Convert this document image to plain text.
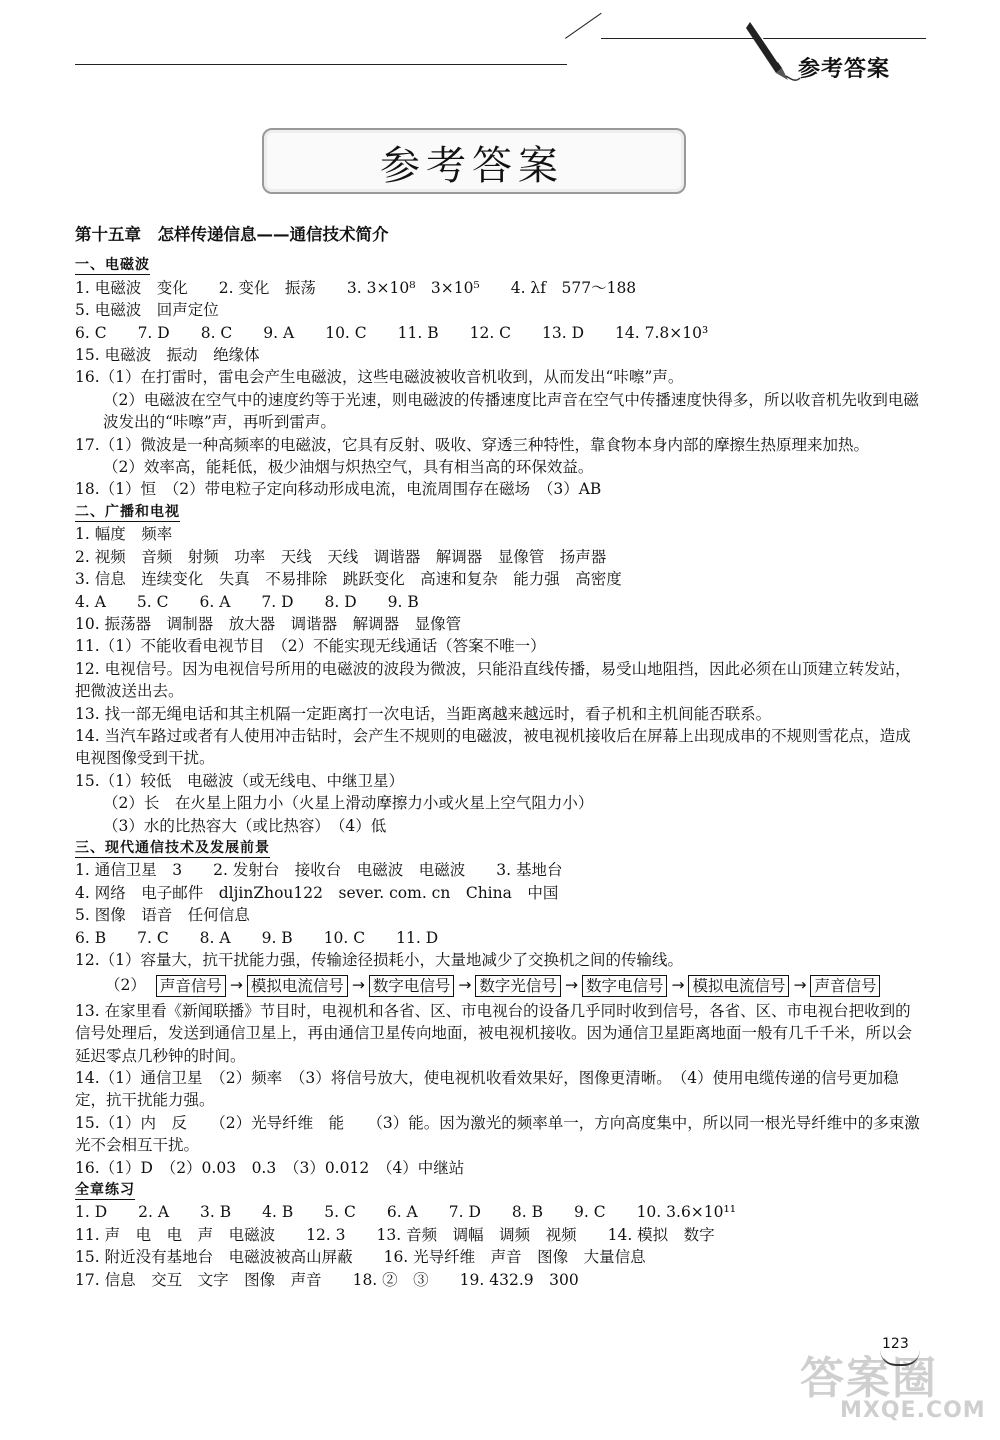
参考答案
参考答案
第十五章　怎样传递信息——通信技术简介
一、电磁波
1. 电磁波　变化　　2. 变化　振荡　　3. 3×10⁸　3×10⁵　　4. λf　577～188
5. 电磁波　回声定位
6. C　　7. D　　8. C　　9. A　　10. C　　11. B　　12. C　　13. D　　14. 7.8×10³
15. 电磁波　振动　绝缘体
16.（1）在打雷时，雷电会产生电磁波，这些电磁波被收音机收到，从而发出“咔嚓”声。
（2）电磁波在空气中的速度约等于光速，则电磁波的传播速度比声音在空气中传播速度快得多，所以收音机先收到电磁波发出的“咔嚓”声，再听到雷声。
17.（1）微波是一种高频率的电磁波，它具有反射、吸收、穿透三种特性，靠食物本身内部的摩擦生热原理来加热。
（2）效率高，能耗低，极少油烟与炽热空气，具有相当高的环保效益。
18.（1）恒　（2）带电粒子定向移动形成电流，电流周围存在磁场　（3）AB
二、广播和电视
1. 幅度　频率
2. 视频　音频　射频　功率　天线　天线　调谐器　解调器　显像管　扬声器
3. 信息　连续变化　失真　不易排除　跳跃变化　高速和复杂　能力强　高密度
4. A　　5. C　　6. A　　7. D　　8. D　　9. B
10. 振荡器　调制器　放大器　调谐器　解调器　显像管
11.（1）不能收看电视节目　（2）不能实现无线通话（答案不唯一）
12. 电视信号。因为电视信号所用的电磁波的波段为微波，只能沿直线传播，易受山地阻挡，因此必须在山顶建立转发站，把微波送出去。
13. 找一部无绳电话和其主机隔一定距离打一次电话，当距离越来越远时，看子机和主机间能否联系。
14. 当汽车路过或者有人使用冲击钻时，会产生不规则的电磁波，被电视机接收后在屏幕上出现成串的不规则雪花点，造成电视图像受到干扰。
15.（1）较低　电磁波（或无线电、中继卫星）
（2）长　在火星上阻力小（火星上滑动摩擦力小或火星上空气阻力小）
（3）水的比热容大（或比热容）　（4）低
三、现代通信技术及发展前景
1. 通信卫星　3　　2. 发射台　接收台　电磁波　电磁波　　3. 基地台
4. 网络　电子邮件　dljinZhou122　sever. com. cn　China　中国
5. 图像　语音　任何信息
6. B　　7. C　　8. A　　9. B　　10. C　　11. D
12.（1）容量大，抗干扰能力强，传输途径损耗小，大量地减少了交换机之间的传输线。
（2） 声音信号 → 模拟电流信号 → 数字电信号 → 数字光信号 → 数字电信号 → 模拟电流信号 → 声音信号
13. 在家里看《新闻联播》节目时，电视机和各省、区、市电视台的设备几乎同时收到信号，各省、区、市电视台把收到的信号处理后，发送到通信卫星上，再由通信卫星传向地面，被电视机接收。因为通信卫星距离地面一般有几千千米，所以会延迟零点几秒钟的时间。
14.（1）通信卫星　（2）频率　（3）将信号放大，使电视机收看效果好，图像更清晰。　（4）使用电缆传递的信号更加稳定，抗干扰能力强。
15.（1）内　反　　（2）光导纤维　能　　（3）能。因为激光的频率单一，方向高度集中，所以同一根光导纤维中的多束激光不会相互干扰。
16.（1）D　（2）0.03　0.3　（3）0.012　（4）中继站
全章练习
1. D　　2. A　　3. B　　4. B　　5. C　　6. A　　7. D　　8. B　　9. C　　10. 3.6×10¹¹
11. 声　电　电　声　电磁波　　12. 3　　13. 音频　调幅　调频　视频　　14. 模拟　数字
15. 附近没有基地台　电磁波被高山屏蔽　　16. 光导纤维　声音　图像　大量信息
17. 信息　交互　文字　图像　声音　　18. ②　③　　19. 432.9　300
答案圈
MXQE.COM
123
